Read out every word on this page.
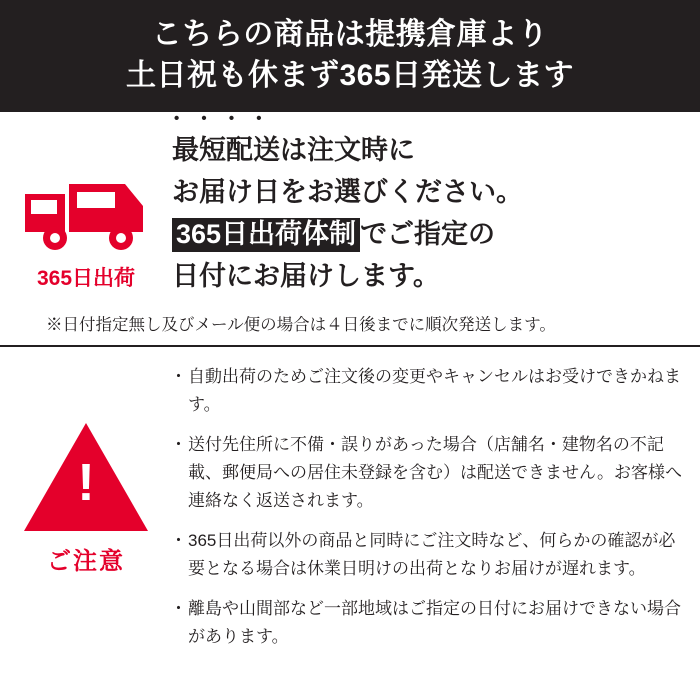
こちらの商品は提携倉庫より
土日祝も休まず365日発送します
365日出荷
• • • • 最短配送は注文時に
お届け日をお選びください。
365日出荷体制 でご指定の
日付にお届けします。
※日付指定無し及びメール便の場合は４日後までに順次発送します。
!
ご注意
・ 自動出荷のためご注文後の変更やキャンセルはお受けできかねます。
・ 送付先住所に不備・誤りがあった場合（店舗名・建物名の不記載、郵便局への居住未登録を含む）は配送できません。お客様へ連絡なく返送されます。
・ 365日出荷以外の商品と同時にご注文時など、何らかの確認が必要となる場合は休業日明けの出荷となりお届けが遅れます。
・ 離島や山間部など一部地域はご指定の日付にお届けできない場合があります。
